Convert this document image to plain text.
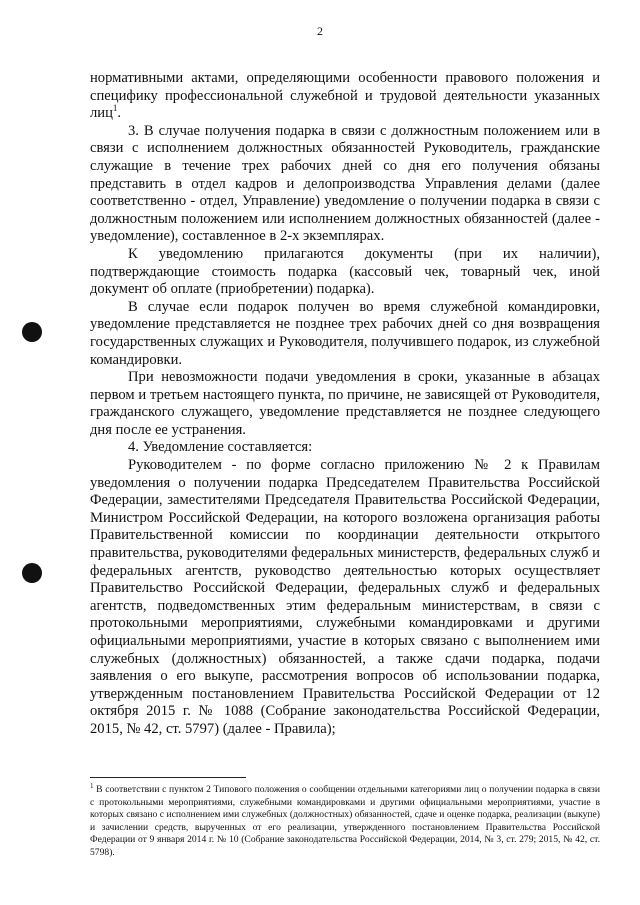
2

нормативными актами, определяющими особенности правового положения и специфику профессиональной служебной и трудовой деятельности указанных лиц$^1$.

3. В случае получения подарка в связи с должностным положением или в связи с исполнением должностных обязанностей Руководитель, гражданские служащие в течение трех рабочих дней со дня его получения обязаны представить в отдел кадров и делопроизводства Управления делами (далее соответственно - отдел, Управление) уведомление о получении подарка в связи с должностным положением или исполнением должностных обязанностей (далее - уведомление), составленное в 2-х экземплярах.

К уведомлению прилагаются документы (при их наличии), подтверждающие стоимость подарка (кассовый чек, товарный чек, иной документ об оплате (приобретении) подарка).

В случае если подарок получен во время служебной командировки, уведомление представляется не позднее трех рабочих дней со дня возвращения государственных служащих и Руководителя, получившего подарок, из служебной командировки.

При невозможности подачи уведомления в сроки, указанные в абзацах первом и третьем настоящего пункта, по причине, не зависящей от Руководителя, гражданского служащего, уведомление представляется не позднее следующего дня после ее устранения.

4. Уведомление составляется:

Руководителем - по форме согласно приложению № 2 к Правилам уведомления о получении подарка Председателем Правительства Российской Федерации, заместителями Председателя Правительства Российской Федерации, Министром Российской Федерации, на которого возложена организация работы Правительственной комиссии по координации деятельности открытого правительства, руководителями федеральных министерств, федеральных служб и федеральных агентств, руководство деятельностью которых осуществляет Правительство Российской Федерации, федеральных служб и федеральных агентств, подведомственных этим федеральным министерствам, в связи с протокольными мероприятиями, служебными командировками и другими официальными мероприятиями, участие в которых связано с выполнением ими служебных (должностных) обязанностей, а также сдачи подарка, подачи заявления о его выкупе, рассмотрения вопросов об использовании подарка, утвержденным постановлением Правительства Российской Федерации от 12 октября 2015 г. № 1088 (Собрание законодательства Российской Федерации, 2015, № 42, ст. 5797) (далее - Правила);

$^1$ В соответствии с пунктом 2 Типового положения о сообщении отдельными категориями лиц о получении подарка в связи с протокольными мероприятиями, служебными командировками и другими официальными мероприятиями, участие в которых связано с исполнением ими служебных (должностных) обязанностей, сдаче и оценке подарка, реализации (выкупе) и зачислении средств, вырученных от его реализации, утвержденного постановлением Правительства Российской Федерации от 9 января 2014 г. № 10 (Собрание законодательства Российской Федерации, 2014, № 3, ст. 279; 2015, № 42, ст. 5798).
